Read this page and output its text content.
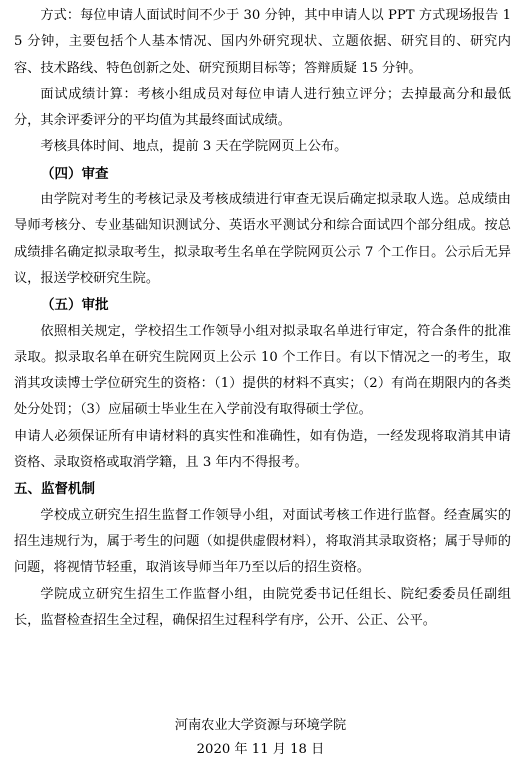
方式：每位申请人面试时间不少于 30 分钟，其中申请人以 PPT 方式现场报告 15 分钟，主要包括个人基本情况、国内外研究现状、立题依据、研究目的、研究内容、技术路线、特色创新之处、研究预期目标等；答辩质疑 15 分钟。

面试成绩计算：考核小组成员对每位申请人进行独立评分；去掉最高分和最低分，其余评委评分的平均值为其最终面试成绩。

考核具体时间、地点，提前 3 天在学院网页上公布。

（四）审查

由学院对考生的考核记录及考核成绩进行审查无误后确定拟录取人选。总成绩由导师考核分、专业基础知识测试分、英语水平测试分和综合面试四个部分组成。按总成绩排名确定拟录取考生，拟录取考生名单在学院网页公示 7 个工作日。公示后无异议，报送学校研究生院。

（五）审批

依照相关规定，学校招生工作领导小组对拟录取名单进行审定，符合条件的批准录取。拟录取名单在研究生院网页上公示 10 个工作日。有以下情况之一的考生，取消其攻读博士学位研究生的资格：（1）提供的材料不真实；（2）有尚在期限内的各类处分处罚；（3）应届硕士毕业生在入学前没有取得硕士学位。

申请人必须保证所有申请材料的真实性和准确性，如有伪造，一经发现将取消其申请资格、录取资格或取消学籍，且 3 年内不得报考。

五、监督机制

学校成立研究生招生监督工作领导小组，对面试考核工作进行监督。经查属实的招生违规行为，属于考生的问题（如提供虚假材料），将取消其录取资格；属于导师的问题，将视情节轻重，取消该导师当年乃至以后的招生资格。

学院成立研究生招生工作监督小组，由院党委书记任组长、院纪委委员任副组长，监督检查招生全过程，确保招生过程科学有序，公开、公正、公平。

河南农业大学资源与环境学院
2020 年 11 月 18 日
